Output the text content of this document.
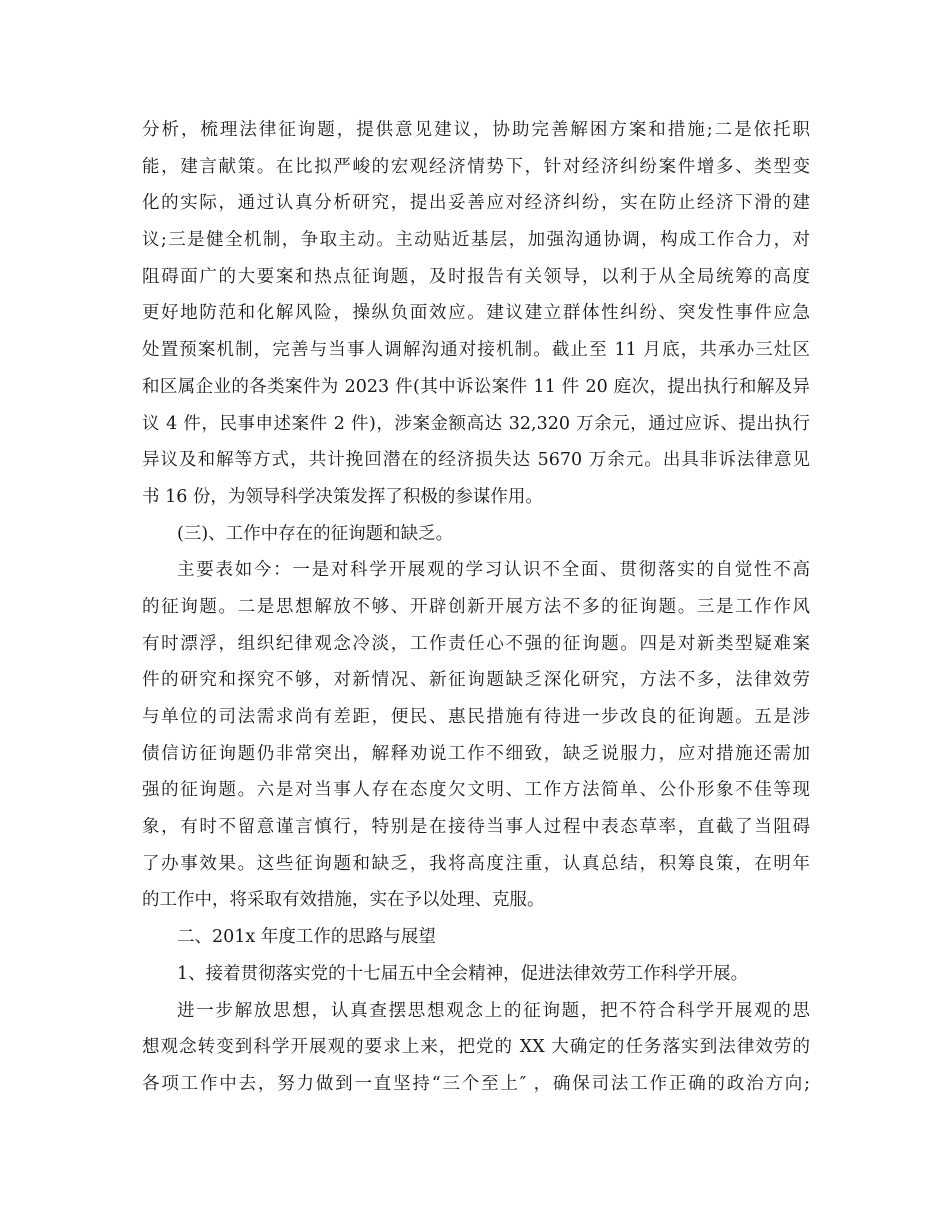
分析，梳理法律征询题，提供意见建议，协助完善解困方案和措施;二是依托职
能，建言献策。在比拟严峻的宏观经济情势下，针对经济纠纷案件增多、类型变
化的实际，通过认真分析研究，提出妥善应对经济纠纷，实在防止经济下滑的建
议;三是健全机制，争取主动。主动贴近基层，加强沟通协调，构成工作合力，对
阻碍面广的大要案和热点征询题，及时报告有关领导，以利于从全局统筹的高度
更好地防范和化解风险，操纵负面效应。建议建立群体性纠纷、突发性事件应急
处置预案机制，完善与当事人调解沟通对接机制。截止至 11 月底，共承办三灶区
和区属企业的各类案件为 2023 件(其中诉讼案件 11 件 20 庭次，提出执行和解及异
议 4 件，民事申述案件 2 件)，涉案金额高达 32,320 万余元，通过应诉、提出执行
异议及和解等方式，共计挽回潜在的经济损失达 5670 万余元。出具非诉法律意见
书 16 份，为领导科学决策发挥了积极的参谋作用。
(三)、工作中存在的征询题和缺乏。
主要表如今：一是对科学开展观的学习认识不全面、贯彻落实的自觉性不高
的征询题。二是思想解放不够、开辟创新开展方法不多的征询题。三是工作作风
有时漂浮，组织纪律观念冷淡，工作责任心不强的征询题。四是对新类型疑难案
件的研究和探究不够，对新情况、新征询题缺乏深化研究，方法不多，法律效劳
与单位的司法需求尚有差距，便民、惠民措施有待进一步改良的征询题。五是涉
债信访征询题仍非常突出，解释劝说工作不细致，缺乏说服力，应对措施还需加
强的征询题。六是对当事人存在态度欠文明、工作方法简单、公仆形象不佳等现
象，有时不留意谨言慎行，特别是在接待当事人过程中表态草率，直截了当阻碍
了办事效果。这些征询题和缺乏，我将高度注重，认真总结，积筹良策，在明年
的工作中，将采取有效措施，实在予以处理、克服。
二、201x 年度工作的思路与展望
1、接着贯彻落实党的十七届五中全会精神，促进法律效劳工作科学开展。
进一步解放思想，认真查摆思想观念上的征询题，把不符合科学开展观的思
想观念转变到科学开展观的要求上来，把党的 XX 大确定的任务落实到法律效劳的
各项工作中去，努力做到一直坚持“三个至上″ ，确保司法工作正确的政治方向;
